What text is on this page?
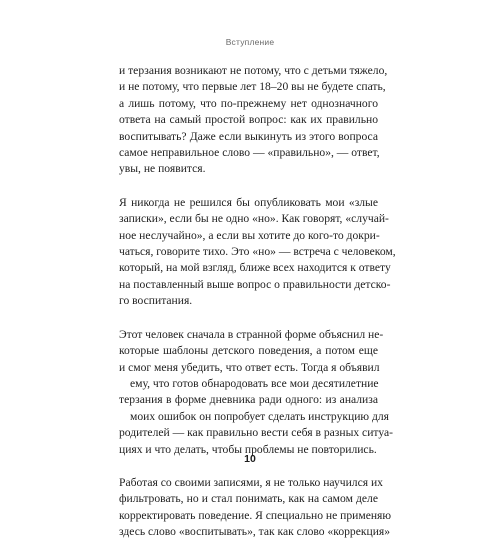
Вступление

и терзания возникают не потому, что с детьми тяжело,
и не потому, что первые лет 18–20 вы не будете спать,
а лишь потому, что по-прежнему нет однозначного
ответа на самый простой вопрос: как их правильно
воспитывать? Даже если выкинуть из этого вопроса
самое неправильное слово — «правильно», — ответ,
увы, не появится.

Я никогда не решился бы опубликовать мои «злые
записки», если бы не одно «но». Как говорят, «случай-
ное неслучайно», а если вы хотите до кого-то докри-
чаться, говорите тихо. Это «но» — встреча с человеком,
который, на мой взгляд, ближе всех находится к ответу
на поставленный выше вопрос о правильности детско-
го воспитания.

Этот человек сначала в странной форме объяснил не-
которые шаблоны детского поведения, а потом еще
и смог меня убедить, что ответ есть. Тогда я объявил
ему, что готов обнародовать все мои десятилетние
терзания в форме дневника ради одного: из анализа
моих ошибок он попробует сделать инструкцию для
родителей — как правильно вести себя в разных ситуа-
циях и что делать, чтобы проблемы не повторились.

Работая со своими записями, я не только научился их
фильтровать, но и стал понимать, как на самом деле
корректировать поведение. Я специально не применяю
здесь слово «воспитывать», так как слово «коррекция»

10
